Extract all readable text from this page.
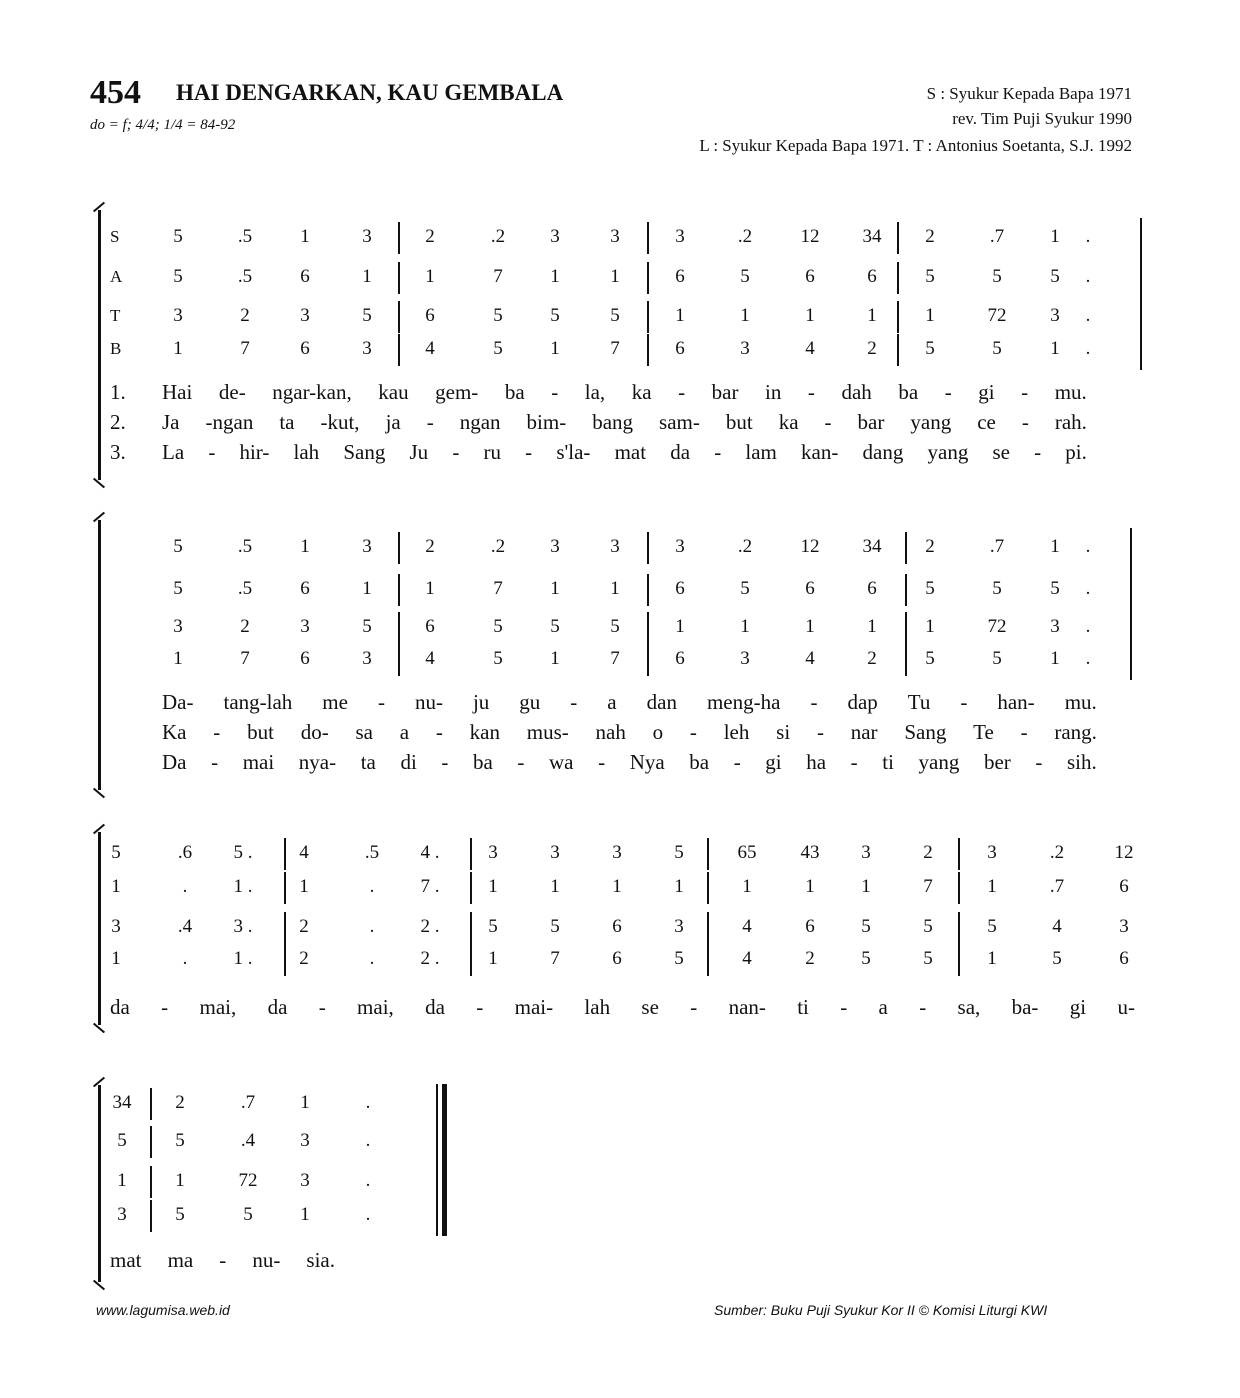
454 HAI DENGARKAN, KAU GEMBALA
do = f; 4/4; 1/4 = 84-92
S : Syukur Kepada Bapa 1971
rev. Tim Puji Syukur 1990
L : Syukur Kepada Bapa 1971. T : Antonius Soetanta, S.J. 1992
S
A
T
B
5	.5	1	3	2	.2	3	3	3	.2	12	34	2	.7	1	.
5	.5	6	1	1	7	1	1	6	5	6	6	5	5	5	.
3	2	3	5	6	5	5	5	1	1	1	1	1	72	3	.
1	7	6	3	4	5	1	7	6	3	4	2	5	5	1	.
1.
2.
3.
Hai de- ngar-kan, kau gem- ba - la, ka - bar in - dah ba - gi - mu.
Ja -ngan ta -kut, ja - ngan bim- bang sam- but ka - bar yang ce - rah.
La - hir- lah Sang Ju - ru - s'la- mat da - lam kan- dang yang se - pi.
5	.5	1	3	2	.2	3	3	3	.2	12	34	2	.7	1	.
5	.5	6	1	1	7	1	1	6	5	6	6	5	5	5	.
3	2	3	5	6	5	5	5	1	1	1	1	1	72	3	.
1	7	6	3	4	5	1	7	6	3	4	2	5	5	1	.
Da- tang-lah me - nu- ju gu - a dan meng-ha - dap Tu - han- mu.
Ka - but do- sa a - kan mus- nah o - leh si - nar Sang Te - rang.
Da - mai nya- ta di - ba - wa - Nya ba - gi ha - ti yang ber - sih.
5	.6	5 .	4	.5	4 .	3	3	3	5	65	43	3	2	3	.2	12
1	.	1 .	1	.	7 .	1	1	1	1	1	1	1	7	1	.7	6
3	.4	3 .	2	.	2 .	5	5	6	3	4	6	5	5	5	4	3
1	.	1 .	2	.	2 .	1	7	6	5	4	2	5	5	1	5	6
da - mai, da - mai, da - mai- lah se - nan- ti - a - sa, ba- gi u-
34	2	.7	1	.
5	5	.4	3	.
1	1	72	3	.
3	5	5	1	.
mat ma - nu- sia.
www.lagumisa.web.id	Sumber: Buku Puji Syukur Kor II © Komisi Liturgi KWI
